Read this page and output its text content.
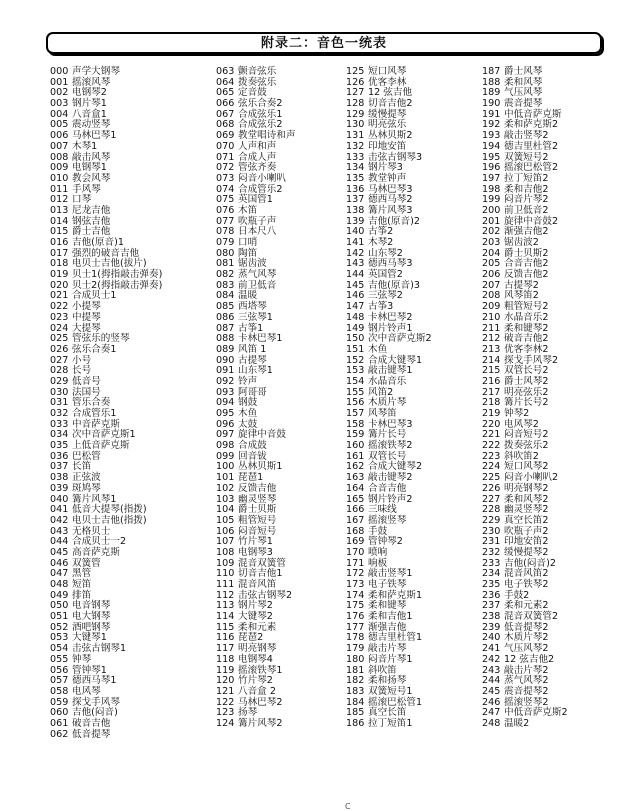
附录二：音色一统表
000 声学大钢琴
001 摇滚风琴
002 电钢琴2
003 钢片琴1
004 八音盒1
005 震动竖琴
006 马林巴琴1
007 木琴1
008 敲击风琴
009 电钢琴1
010 教会风琴
011 手风琴
012 口琴
013 尼龙吉他
014 钢弦吉他
015 爵士吉他
016 吉他(原音)1
017 强烈的破音吉他
018 电贝士吉他(拔片)
019 贝士1(拇指敲击弹奏)
020 贝士2(拇指敲击弹奏)
021 合成贝士1
022 小提琴
023 中提琴
024 大提琴
025 管弦乐的竖琴
026 弦乐合奏1
027 小号
028 长号
029 低音号
030 法国号
031 管乐合奏
032 合成管乐1
033 中音萨克斯
034 次中音萨克斯1
035 上低音萨克斯
036 巴松管
037 长笛
038 正弦波
039 斑鸠琴
040 篝片风琴1
041 低音大提琴(指拨)
042 电贝士吉他(指拨)
043 无格贝士
044 合成贝士一2
045 高音萨克斯
046 双簧管
047 黑管
048 短笛
049 排笛
050 电音钢琴
051 电大钢琴
052 酒吧钢琴
053 大键琴1
054 击弦古钢琴1
055 钟琴
056 管钟琴1
057 德西马琴1
058 电风琴
059 探戈手风琴
060 吉他(闷音)
061 破音吉他
062 低音提琴
063 颤音弦乐
064 拨奏弦乐
065 定音鼓
066 弦乐合奏2
067 合成弦乐1
068 合成弦乐2
069 教堂唱诗和声
070 人声和声
071 合成人声
072 管弦齐奏
073 闷音小喇叭
074 合成管乐2
075 英国管1
076 木笛
077 吹瓶子声
078 日本尺八
079 口哨
080 陶笛
081 锯齿波
082 蒸气风琴
083 前卫低音
084 温暖
085 西塔琴
086 三弦琴1
087 古筝1
088 卡林巴琴1
089 风笛 1
090 古提琴
091 山东琴1
092 铃声
093 阿哥哥
094 钢鼓
095 木鱼
096 太鼓
097 旋律中音鼓
098 合成鼓
099 回音钹
100 丛林贝斯1
101 琵琶1
102 反馈吉他
103 幽灵竖琴
104 爵士贝斯
105 粗管短号
106 闷音短号
107 竹片琴1
108 电钢琴3
109 混音双簧管
110 切音吉他1
111 混音风笛
112 击弦古钢琴2
113 钢片琴2
114 大键琴2
115 柔和元素
116 琵琶2
117 明亮钢琴
118 电钢琴4
119 摇滚铁琴1
120 竹片琴2
121 八音盒 2
122 马林巴琴2
123 扬琴
124 篝片风琴2
125 短口风琴
126 优客李林
127 12 弦吉他
128 切音吉他2
129 缓慢提琴
130 明亮弦乐
131 丛林贝斯2
132 印地安笛
133 击弦古钢琴3
134 钢片琴3
135 教堂钟声
136 马林巴琴3
137 德西马琴2
138 篝片风琴3
139 吉他(原音)2
140 古筝2
141 木琴2
142 山东琴2
143 德西马琴3
144 英国管2
145 吉他(原音)3
146 三弦琴2
147 古筝3
148 卡林巴琴2
149 钢片铃声1
150 次中音萨克斯2
151 木鱼
152 合成大键琴1
153 敲击键琴1
154 水晶音乐
155 风笛2
156 木质片琴
157 风琴笛
158 卡林巴琴3
159 篝片长号
160 摇滚铁琴2
161 双管长号
162 合成大键琴2
163 敲击键琴2
164 合音吉他
165 钢片铃声2
166 三味线
167 摇滚竖琴
168 手鼓
169 管钟琴2
170 喷响
171 响板
172 敲击竖琴1
173 电子铁琴
174 柔和萨克斯1
175 柔和键琴
176 柔和吉他1
177 渐强吉他
178 德吉里杜管1
179 敲击片琴
180 闷音片琴1
181 斜吹笛
182 柔和扬琴
183 双簧短号1
184 摇滚巴松管1
185 真空长笛
186 拉丁短笛1
187 爵士风琴
188 柔和风琴
189 气压风琴
190 震音提琴
191 中低音萨克斯
192 柔和萨克斯2
193 敲击竖琴2
194 德吉里杜管2
195 双簧短号2
196 摇滚巴松管2
197 拉丁短笛2
198 柔和吉他2
199 闷音片琴2
200 前卫低音2
201 旋律中音鼓2
202 渐强吉他2
203 锯齿波2
204 爵士贝斯2
205 合音吉他2
206 反馈吉他2
207 古提琴2
208 风琴笛2
209 粗管短号2
210 水晶音乐2
211 柔和键琴2
212 破音吉他2
213 优客李林2
214 探戈手风琴2
215 双管长号2
216 爵士风琴2
217 明亮弦乐2
218 篝片长号2
219 钟琴2
220 电风琴2
221 闷音短号2
222 拨奏弦乐2
223 斜吹笛2
224 短口风琴2
225 闷音小喇叭2
226 明亮钢琴2
227 柔和风琴2
228 幽灵竖琴2
229 真空长笛2
230 吹瓶子声2
231 印地安笛2
232 缓慢提琴2
233 吉他(闷音)2
234 混音风笛2
235 电子铁琴2
236 手鼓2
237 柔和元素2
238 混音双簧管2
239 低音提琴2
240 木质片琴2
241 气压风琴2
242 12 弦吉他2
243 敲击片琴2
244 蒸气风琴2
245 震音提琴2
246 摇滚竖琴2
247 中低音萨克斯2
248 温暖2
C
